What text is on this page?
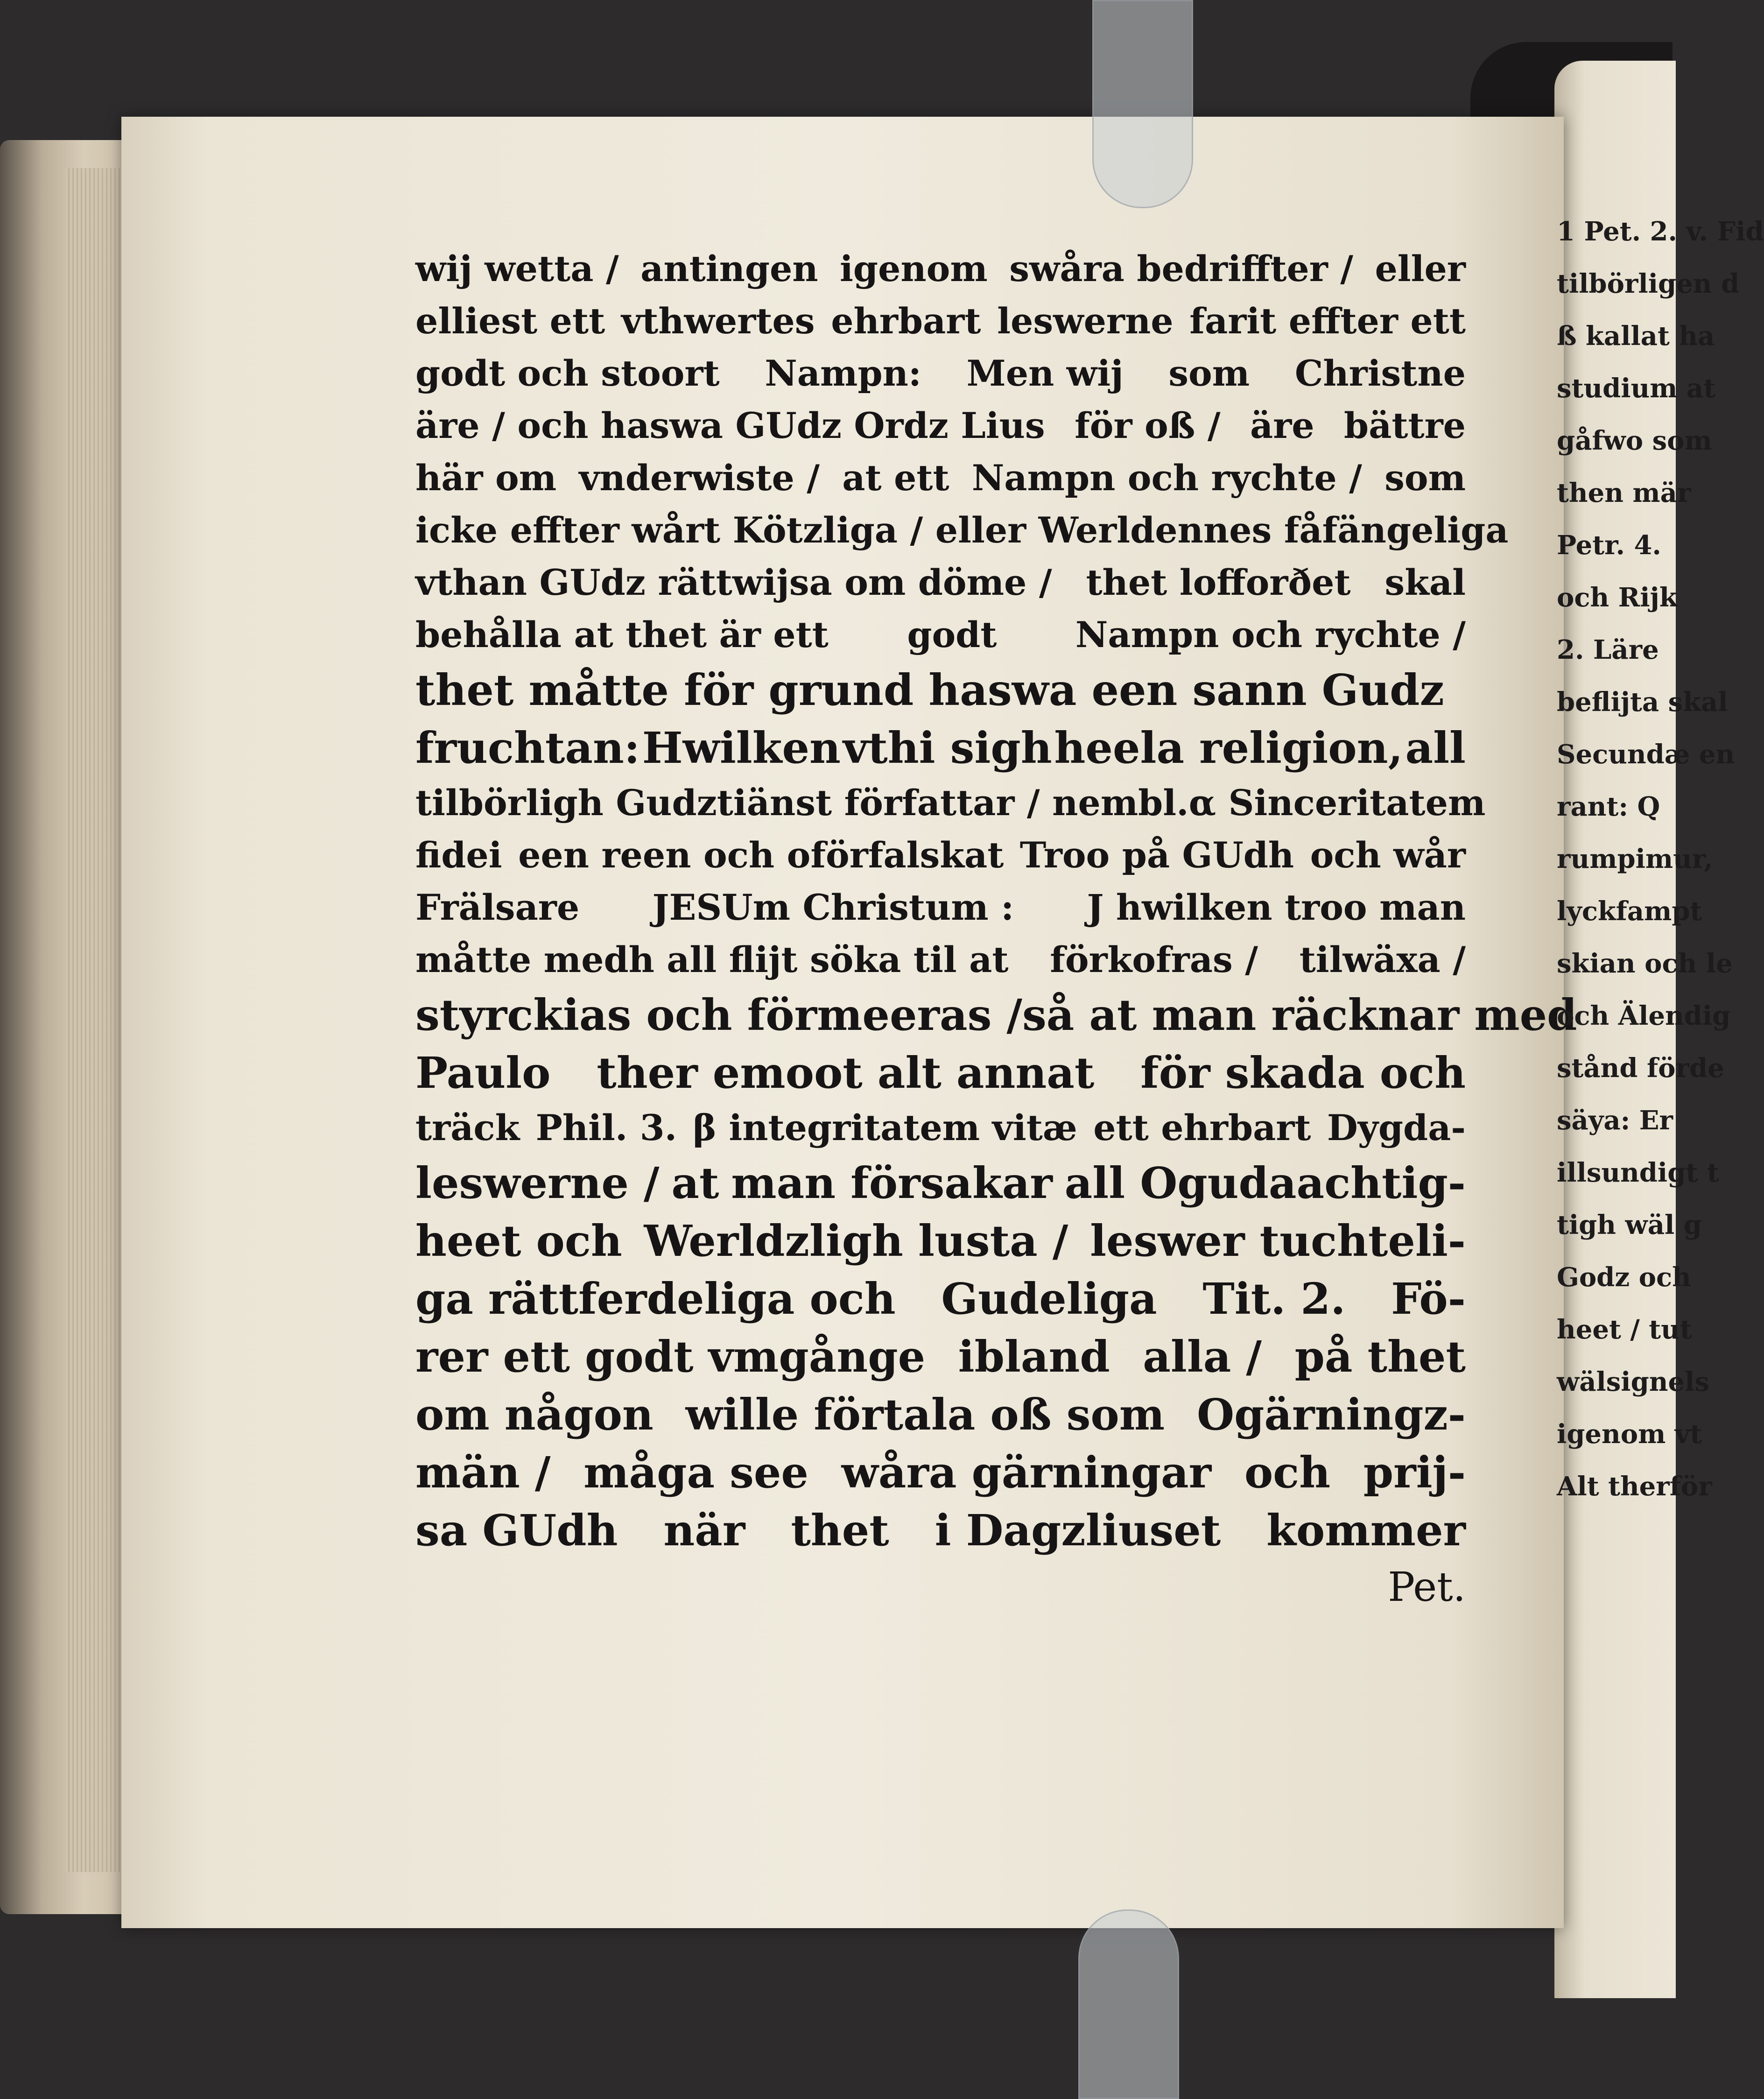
wij wetta / antingen igenom swåra bedriffter / eller
elliest ett vthwertes ehrbart leswerne farit effter ett
godt och stoort Nampn: Men wij som Christne
äre / och haswa GUdz Ordz Lius för oß / äre bättre
här om vnderwiste / at ett Nampn och rychte / som
icke effter wårt Kötzliga / eller Werldennes fåfängeliga
vthan GUdz rättwijsa om döme / thet lofforðet skal
behålla at thet är ett godt Nampn och rychte /
thet måtte för grund haswa een sann Gudz
fruchtan: Hwilken vthi sigh heela religion, all
tilbörligh Gudztiänst författar / nembl. α Sinceritatem
fidei een reen och oförfalskat Troo på GUdh och wår
Frälsare JESUm Christum : J hwilken troo man
måtte medh all flijt söka til at förkofras / tilwäxa /
styrckias och förmeeras / så at man räcknar med
Paulo ther emoot alt annat för skada och
träck Phil. 3. β integritatem vitæ ett ehrbart Dygda-
leswerne / at man försakar all Ogudaachtig-
heet och Werldzligh lusta / leswer tuchteli-
ga rättferdeliga och Gudeliga Tit. 2. Fö-
rer ett godt vmgånge ibland alla / på thet
om någon wille förtala oß som Ogärningz-
män / måga see wåra gärningar och prij-
sa GUdh när thet i Dagzliuset kommer
Pet.
1 Pet. 2. v. Fid
tilbörligen d
ß kallat ha
studium at
gåfwo som
then mär
Petr. 4.
och Rijk
2. Läre
beflijta skal
Secundæ en
rant: Q
rumpimur,
lyckfampt
skian och le
och Älendig
stånd förde
säya: Er
illsundigt t
tigh wäl g
Godz och
heet / tut
wälsignels
igenom vt
Alt therför
